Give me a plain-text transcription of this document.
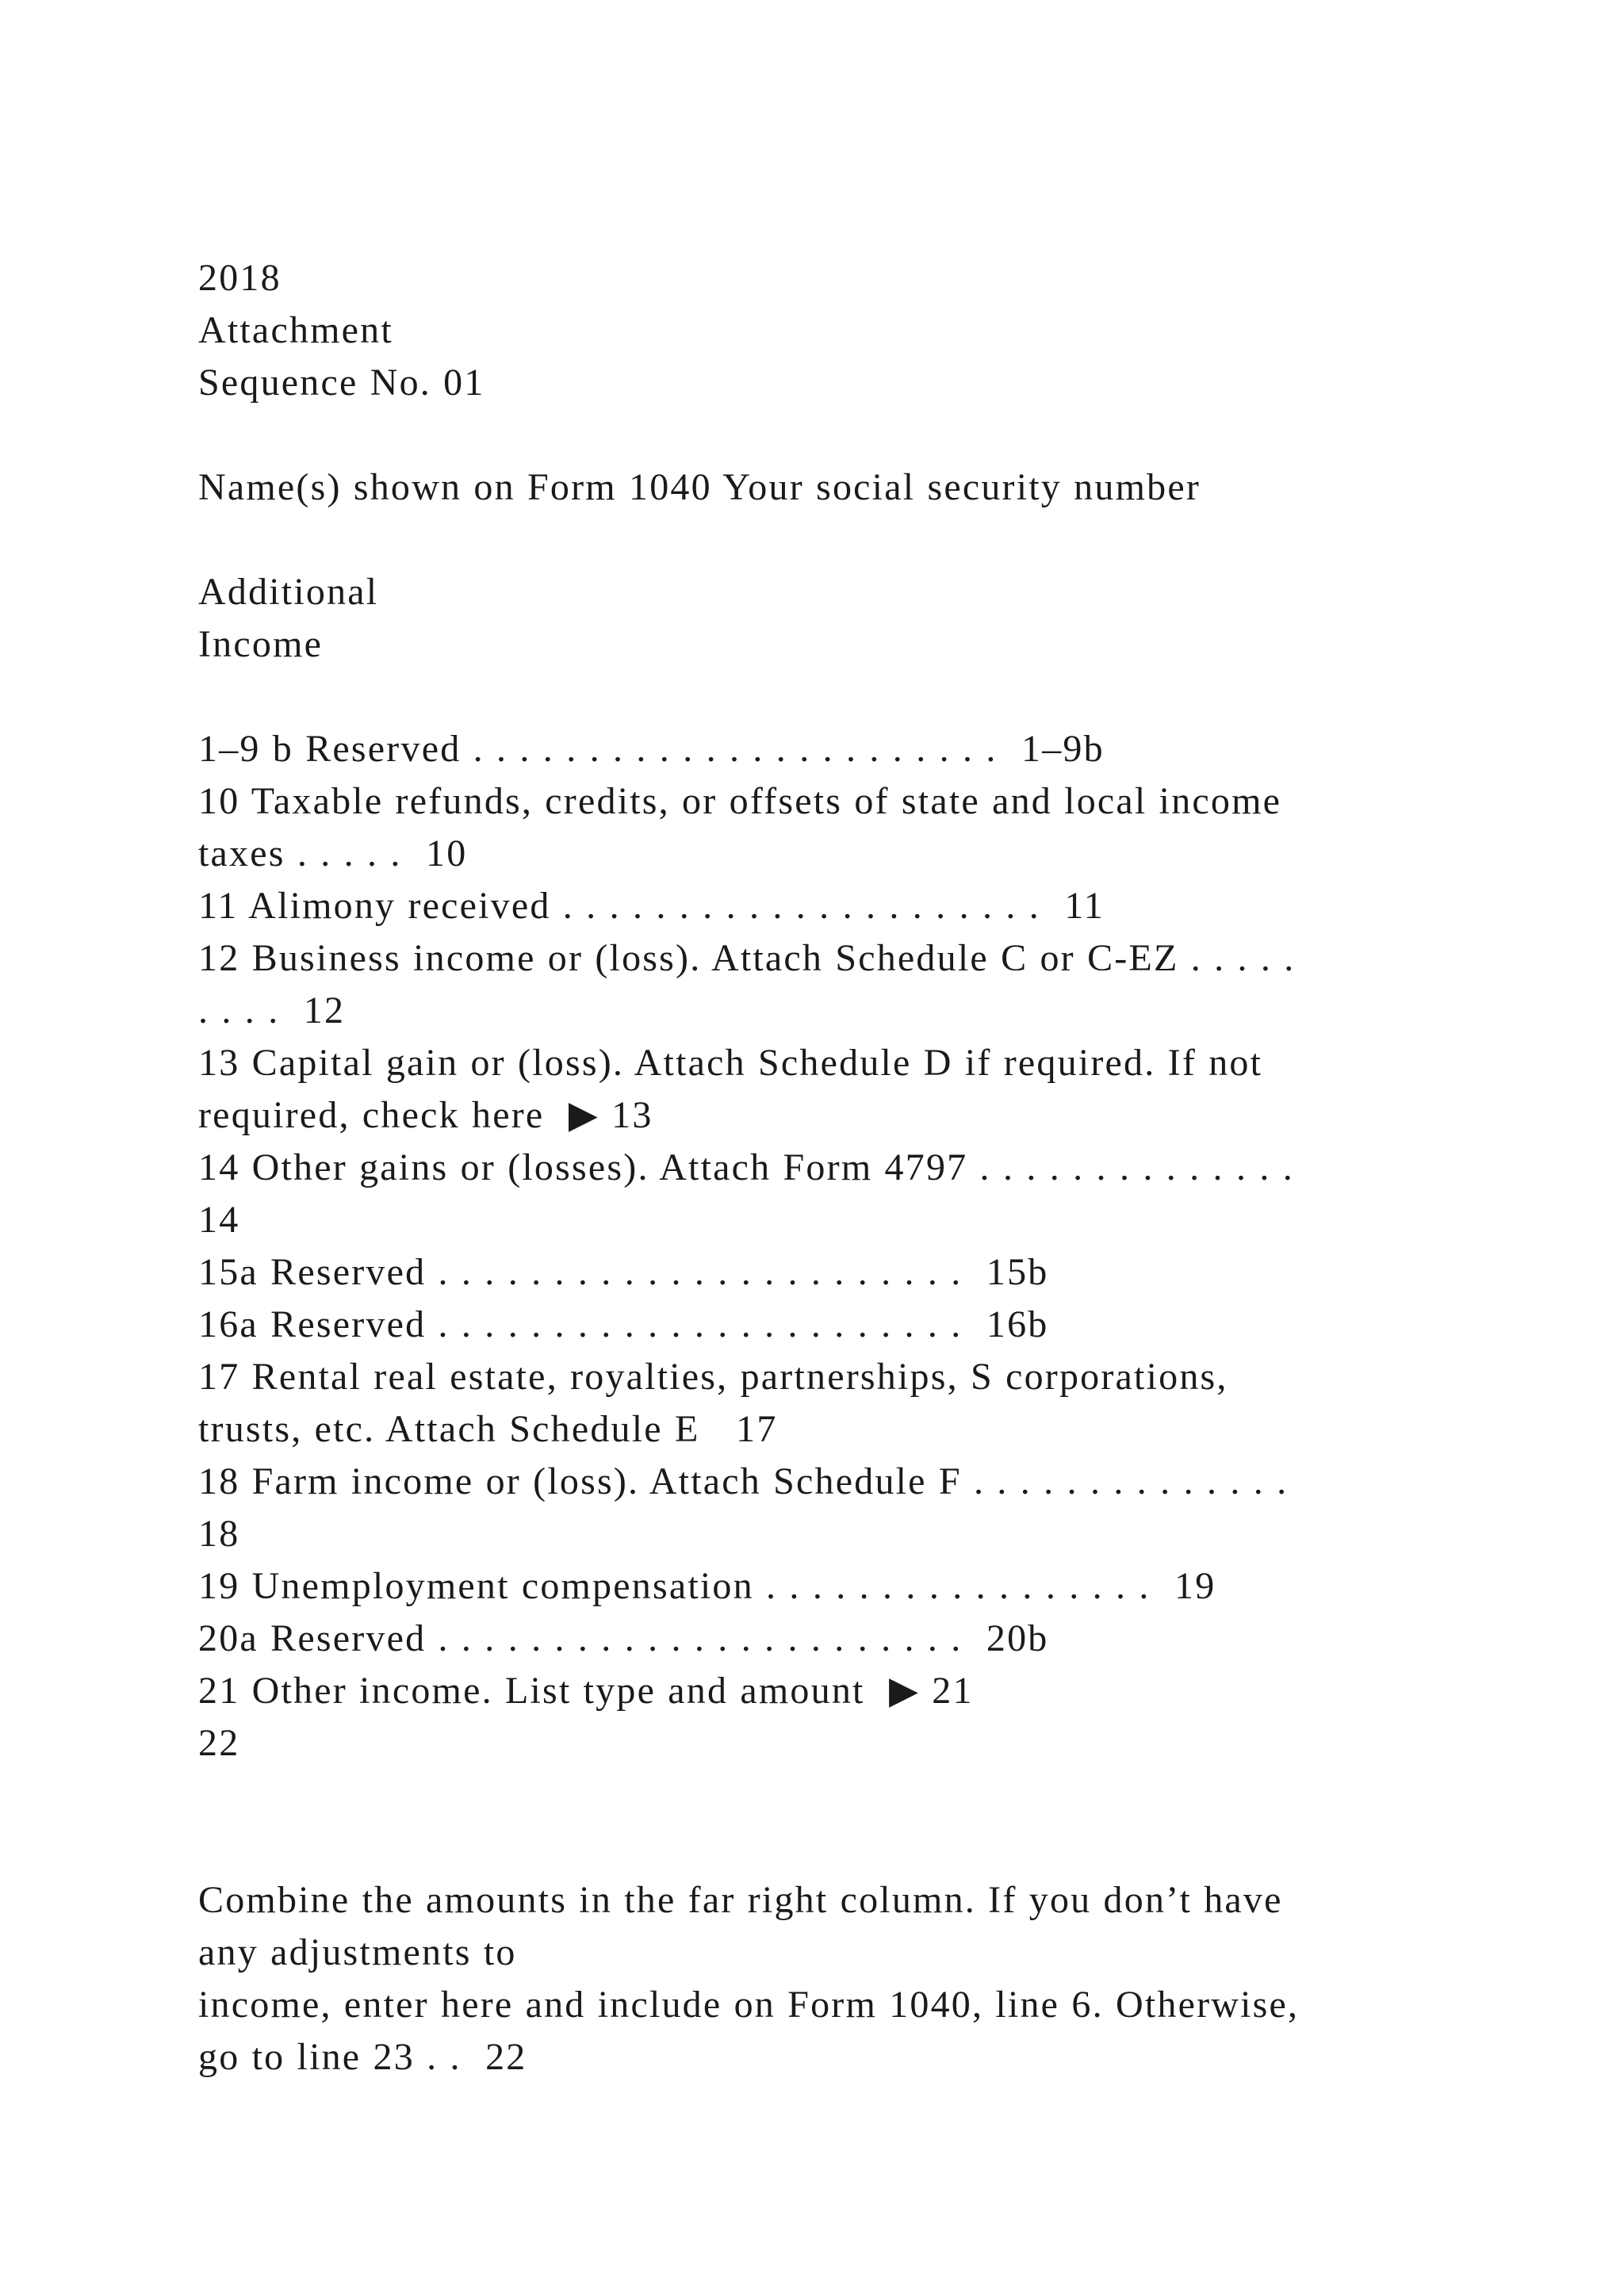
2018
Attachment
Sequence No. 01
Name(s) shown on Form 1040 Your social security number
Additional
Income
1–9 b Reserved . . . . . . . . . . . . . . . . . . . . . . .  1–9b
10 Taxable refunds, credits, or offsets of state and local income
taxes . . . . .  10
11 Alimony received . . . . . . . . . . . . . . . . . . . . .  11
12 Business income or (loss). Attach Schedule C or C-EZ . . . . .
. . . .  12
13 Capital gain or (loss). Attach Schedule D if required. If not
required, check here  ▶ 13
14 Other gains or (losses). Attach Form 4797 . . . . . . . . . . . . . .
14
15a Reserved . . . . . . . . . . . . . . . . . . . . . . .  15b
16a Reserved . . . . . . . . . . . . . . . . . . . . . . .  16b
17 Rental real estate, royalties, partnerships, S corporations,
trusts, etc. Attach Schedule E   17
18 Farm income or (loss). Attach Schedule F . . . . . . . . . . . . . .
18
19 Unemployment compensation . . . . . . . . . . . . . . . . .  19
20a Reserved . . . . . . . . . . . . . . . . . . . . . . .  20b
21 Other income. List type and amount  ▶ 21
22
Combine the amounts in the far right column. If you don’t have
any adjustments to
income, enter here and include on Form 1040, line 6. Otherwise,
go to line 23 . .  22
